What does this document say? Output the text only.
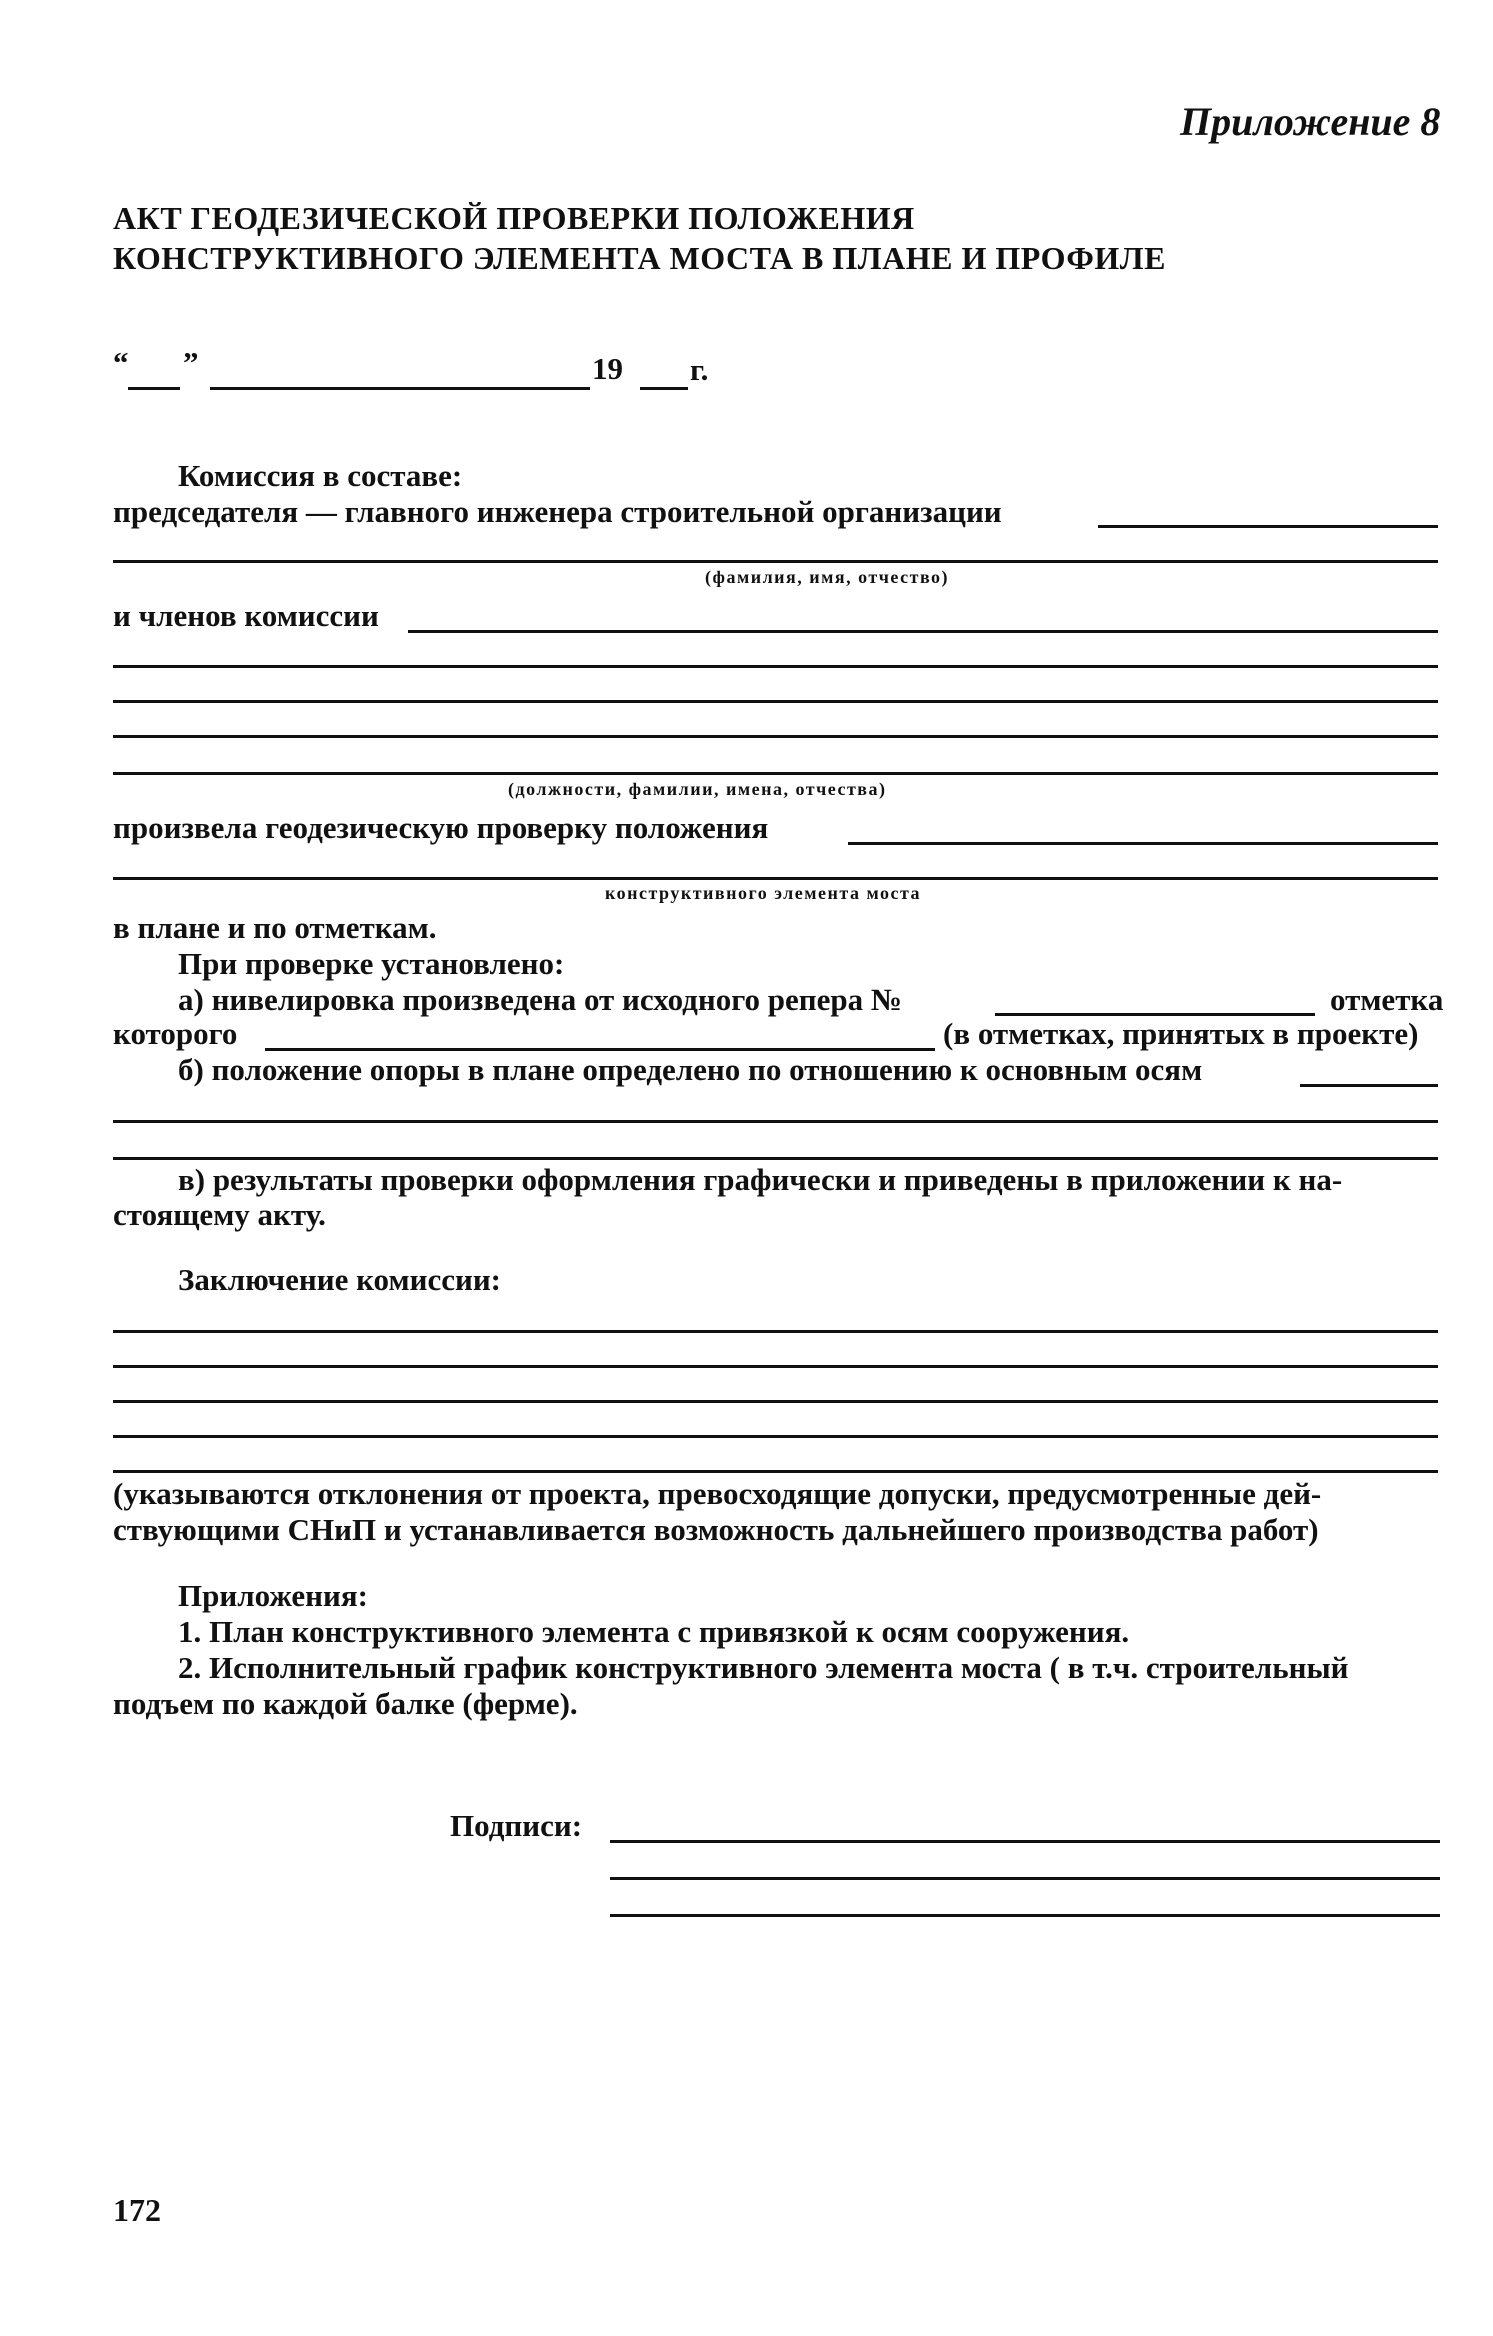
Приложение 8
АКТ ГЕОДЕЗИЧЕСКОЙ ПРОВЕРКИ ПОЛОЖЕНИЯ
КОНСТРУКТИВНОГО ЭЛЕМЕНТА МОСТА В ПЛАНЕ И ПРОФИЛЕ
“ ”	19 г.
Комиссия в составе:
председателя — главного инженера строительной организации
(фамилия, имя, отчество)
и членов комиссии
(должности, фамилии, имена, отчества)
произвела геодезическую проверку положения
конструктивного элемента моста
в плане и по отметкам.
При проверке установлено:
а) нивелировка произведена от исходного репера №	отметка
которого	(в отметках, принятых в проекте)
б) положение опоры в плане определено по отношению к основным осям
в) результаты проверки оформления графически и приведены в приложении к на-
стоящему акту.
Заключение комиссии:
(указываются отклонения от проекта, превосходящие допуски, предусмотренные дей-
ствующими СНиП и устанавливается возможность дальнейшего производства работ)
Приложения:
1. План конструктивного элемента с привязкой к осям сооружения.
2. Исполнительный график конструктивного элемента моста ( в т.ч. строительный
подъем по каждой балке (ферме).
Подписи:
172
